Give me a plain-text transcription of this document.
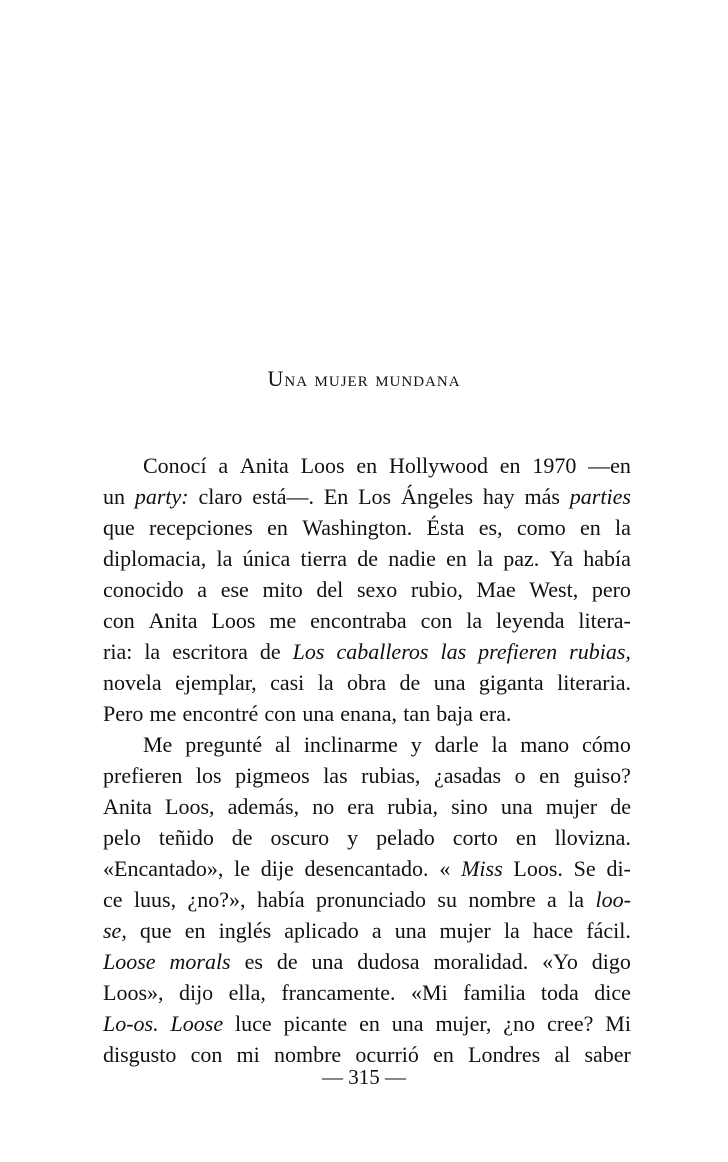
Una mujer mundana
Conocí a Anita Loos en Hollywood en 1970 —en
un party: claro está—. En Los Ángeles hay más parties
que recepciones en Washington. Ésta es, como en la
diplomacia, la única tierra de nadie en la paz. Ya había
conocido a ese mito del sexo rubio, Mae West, pero
con Anita Loos me encontraba con la leyenda litera-
ria: la escritora de Los caballeros las prefieren rubias,
novela ejemplar, casi la obra de una giganta literaria.
Pero me encontré con una enana, tan baja era.
Me pregunté al inclinarme y darle la mano cómo
prefieren los pigmeos las rubias, ¿asadas o en guiso?
Anita Loos, además, no era rubia, sino una mujer de
pelo teñido de oscuro y pelado corto en llovizna.
«Encantado», le dije desencantado. « Miss Loos. Se di-
ce luus, ¿no?», había pronunciado su nombre a la loo-
se, que en inglés aplicado a una mujer la hace fácil.
Loose morals es de una dudosa moralidad. «Yo digo
Loos», dijo ella, francamente. «Mi familia toda dice
Lo-os. Loose luce picante en una mujer, ¿no cree? Mi
disgusto con mi nombre ocurrió en Londres al saber
— 315 —
